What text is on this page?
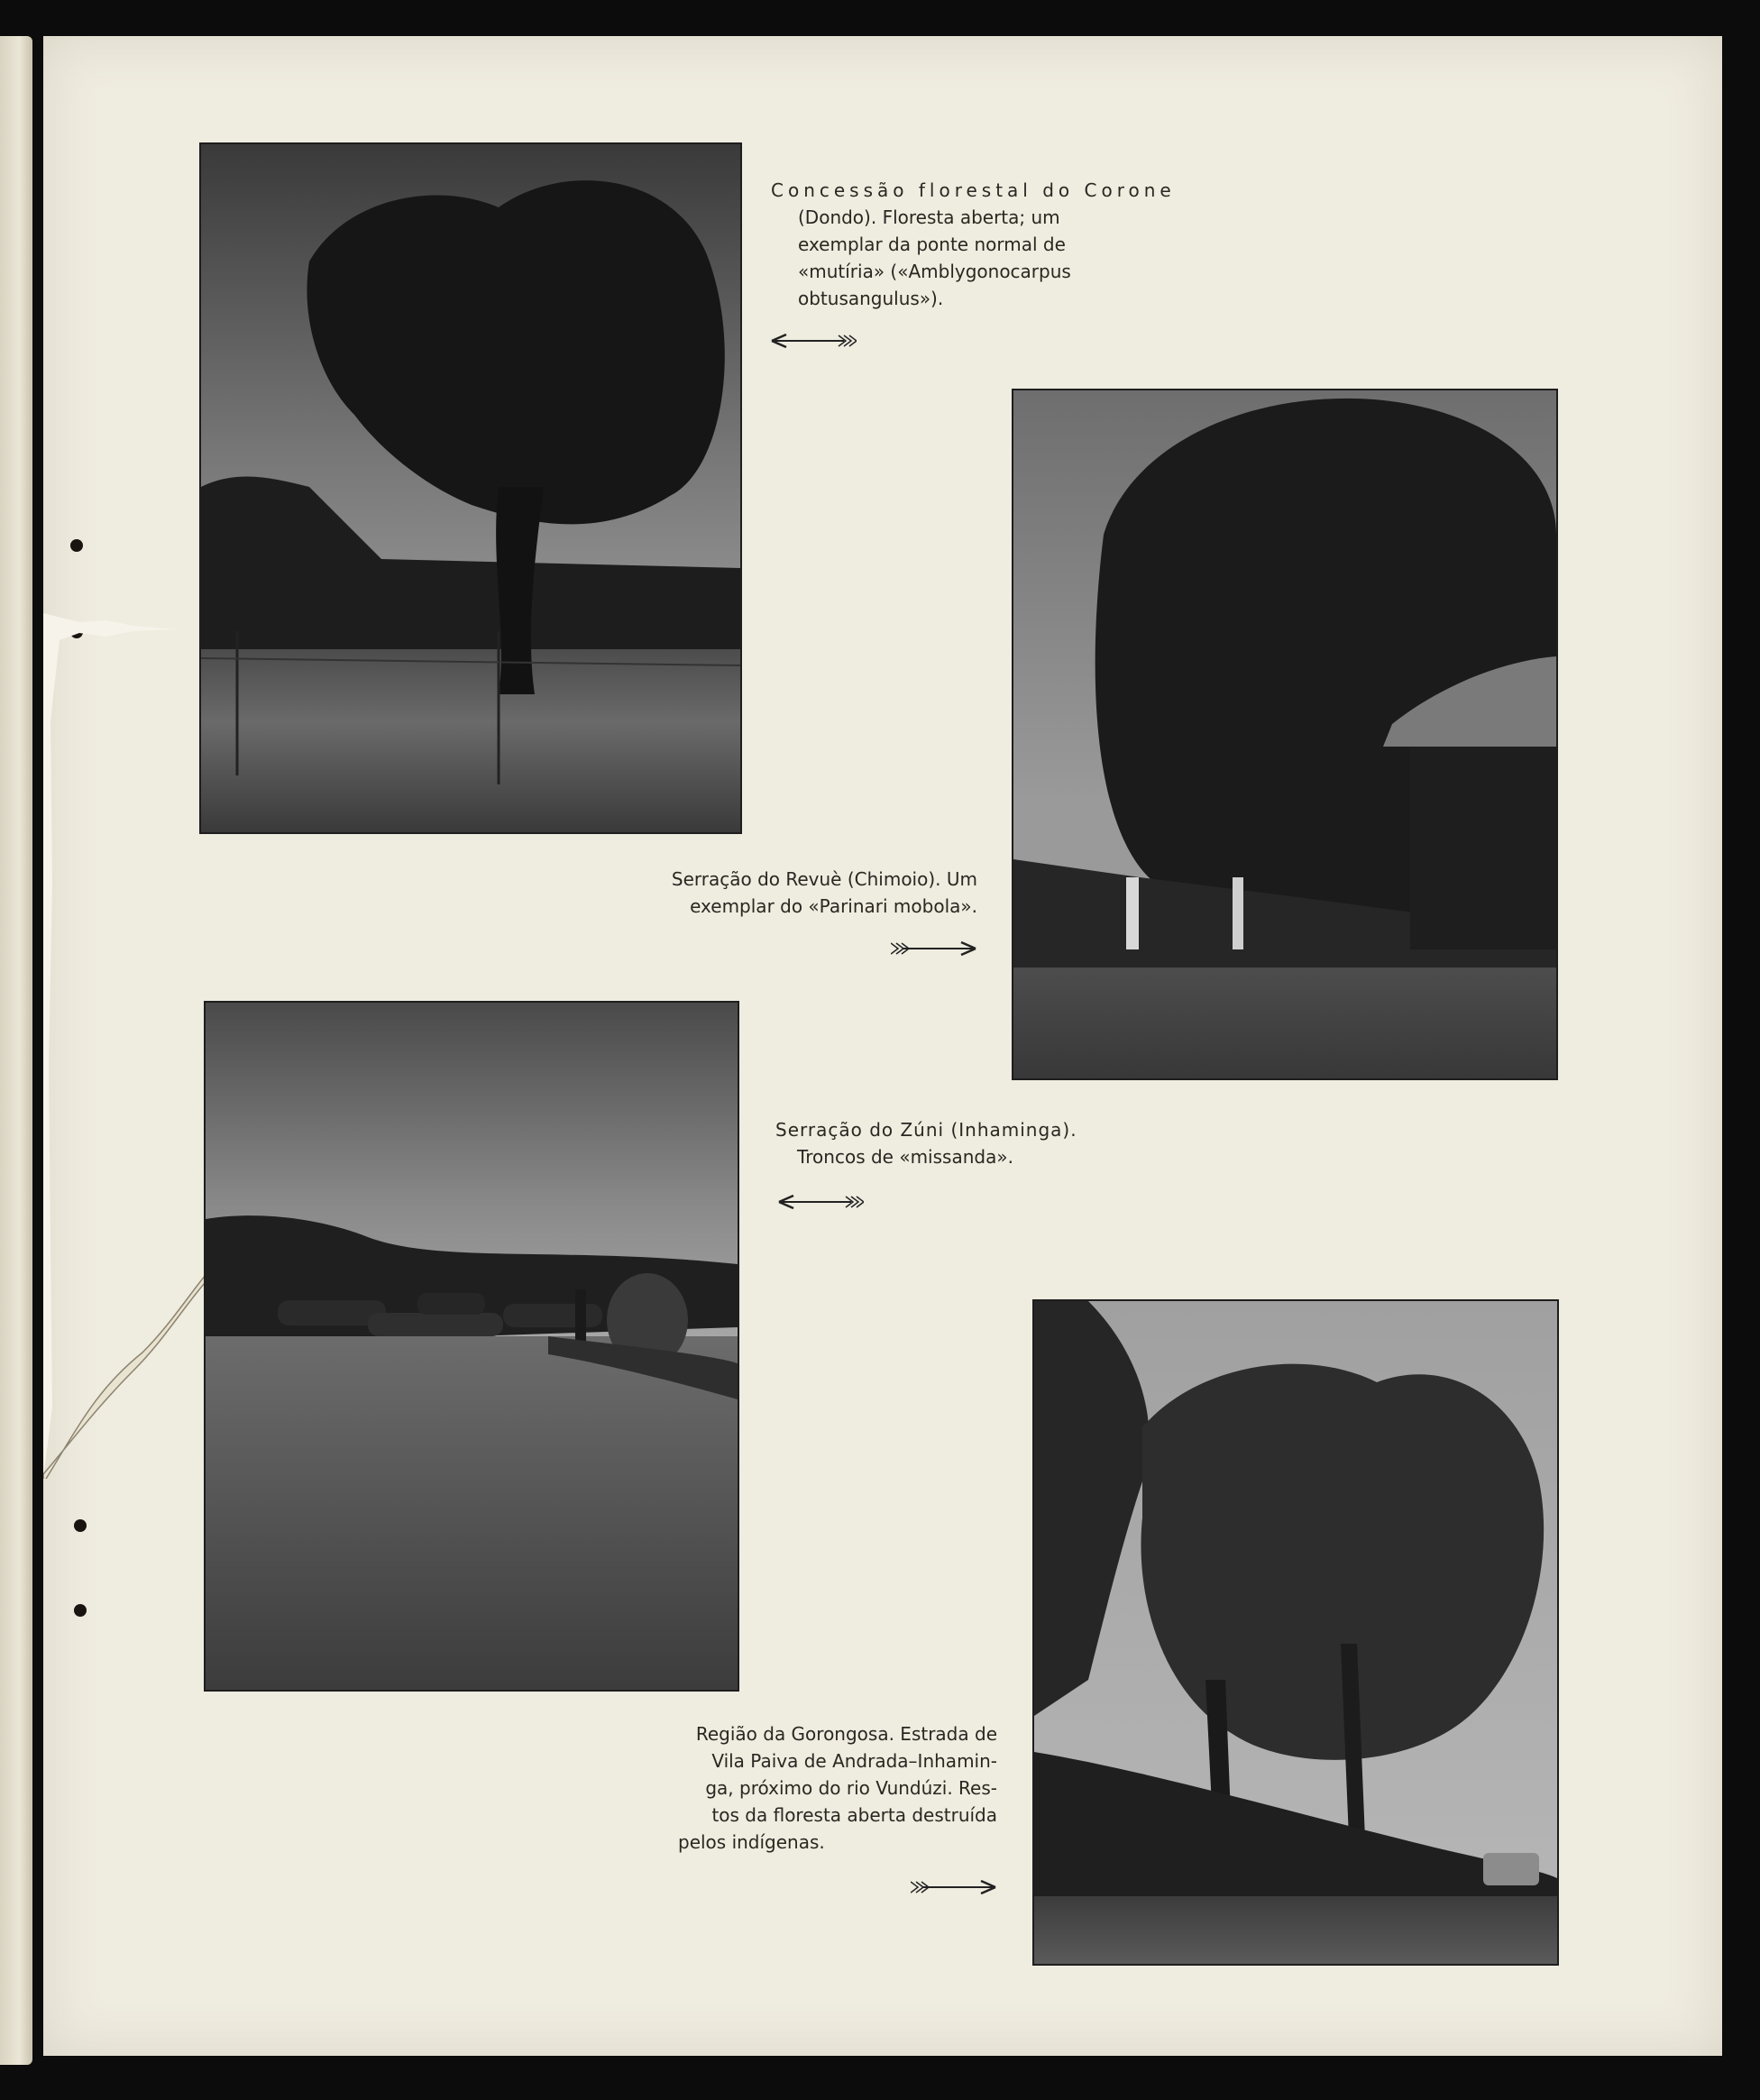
Concessão florestal do Corone
(Dondo). Floresta aberta; um
exemplar da ponte normal de
«mutíria» («Amblygonocarpus
obtusangulus»).
Serração do Revuè (Chimoio). Um
exemplar do «Parinari mobola».
Serração do Zúni (Inhaminga).
Troncos de «missanda».
Região da Gorongosa. Estrada de
Vila Paiva de Andrada–Inhamin-
ga, próximo do rio Vundúzi. Res-
tos da floresta aberta destruída
pelos indígenas.
